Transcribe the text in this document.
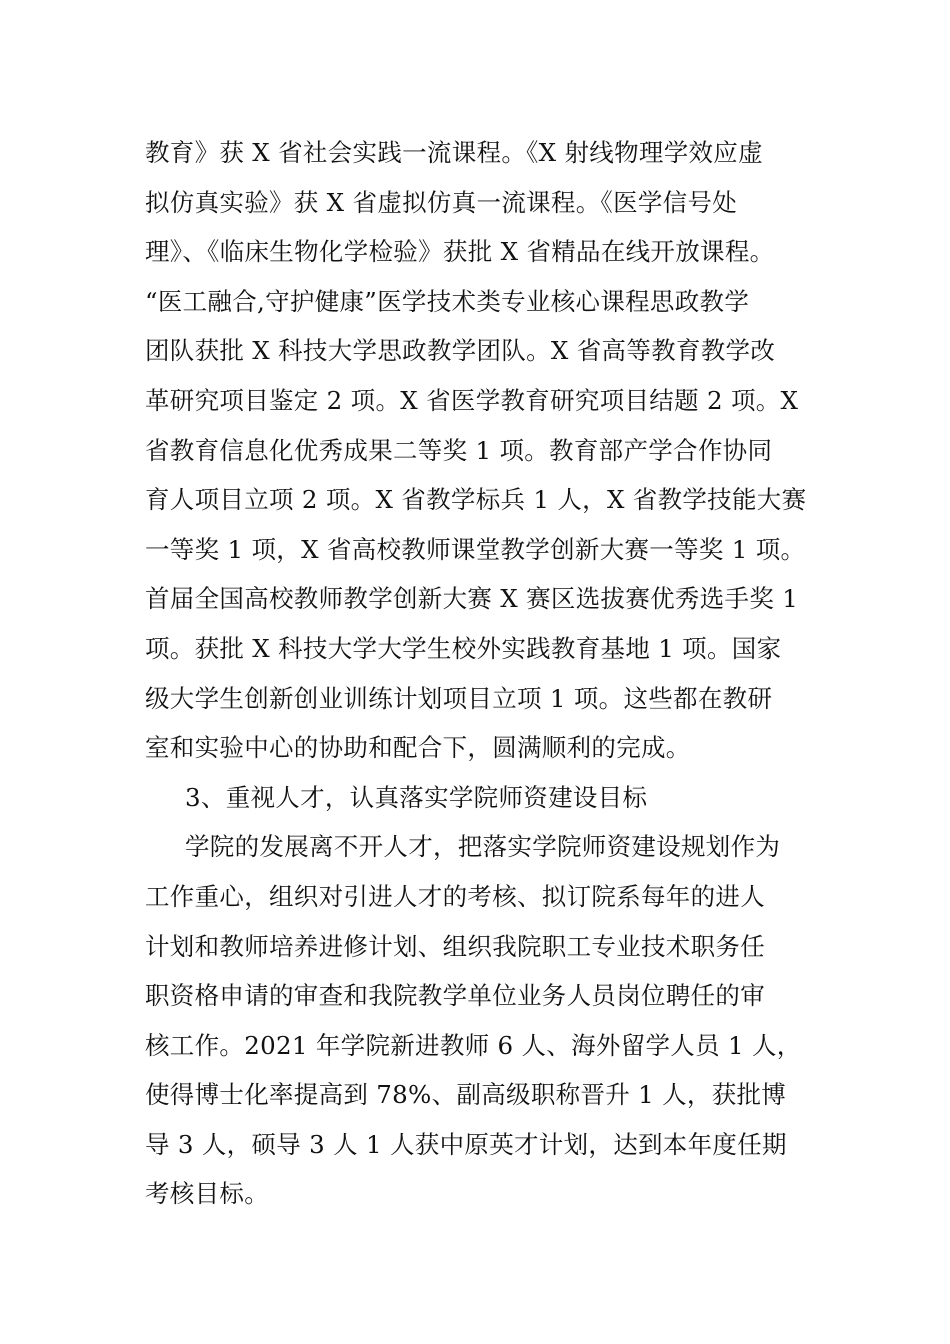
教育》获 X 省社会实践一流课程。《X 射线物理学效应虚
拟仿真实验》获 X 省虚拟仿真一流课程。《医学信号处
理》、《临床生物化学检验》获批 X 省精品在线开放课程。
“医工融合,守护健康”医学技术类专业核心课程思政教学
团队获批 X 科技大学思政教学团队。X 省高等教育教学改
革研究项目鉴定 2 项。X 省医学教育研究项目结题 2 项。X
省教育信息化优秀成果二等奖 1 项。教育部产学合作协同
育人项目立项 2 项。X 省教学标兵 1 人，X 省教学技能大赛
一等奖 1 项，X 省高校教师课堂教学创新大赛一等奖 1 项。
首届全国高校教师教学创新大赛 X 赛区选拔赛优秀选手奖 1
项。获批 X 科技大学大学生校外实践教育基地 1 项。国家
级大学生创新创业训练计划项目立项 1 项。这些都在教研
室和实验中心的协助和配合下，圆满顺利的完成。
3、重视人才，认真落实学院师资建设目标
学院的发展离不开人才，把落实学院师资建设规划作为
工作重心，组织对引进人才的考核、拟订院系每年的进人
计划和教师培养进修计划、组织我院职工专业技术职务任
职资格申请的审查和我院教学单位业务人员岗位聘任的审
核工作。2021 年学院新进教师 6 人、海外留学人员 1 人，
使得博士化率提高到 78%、副高级职称晋升 1 人，获批博
导 3 人，硕导 3 人 1 人获中原英才计划，达到本年度任期
考核目标。
